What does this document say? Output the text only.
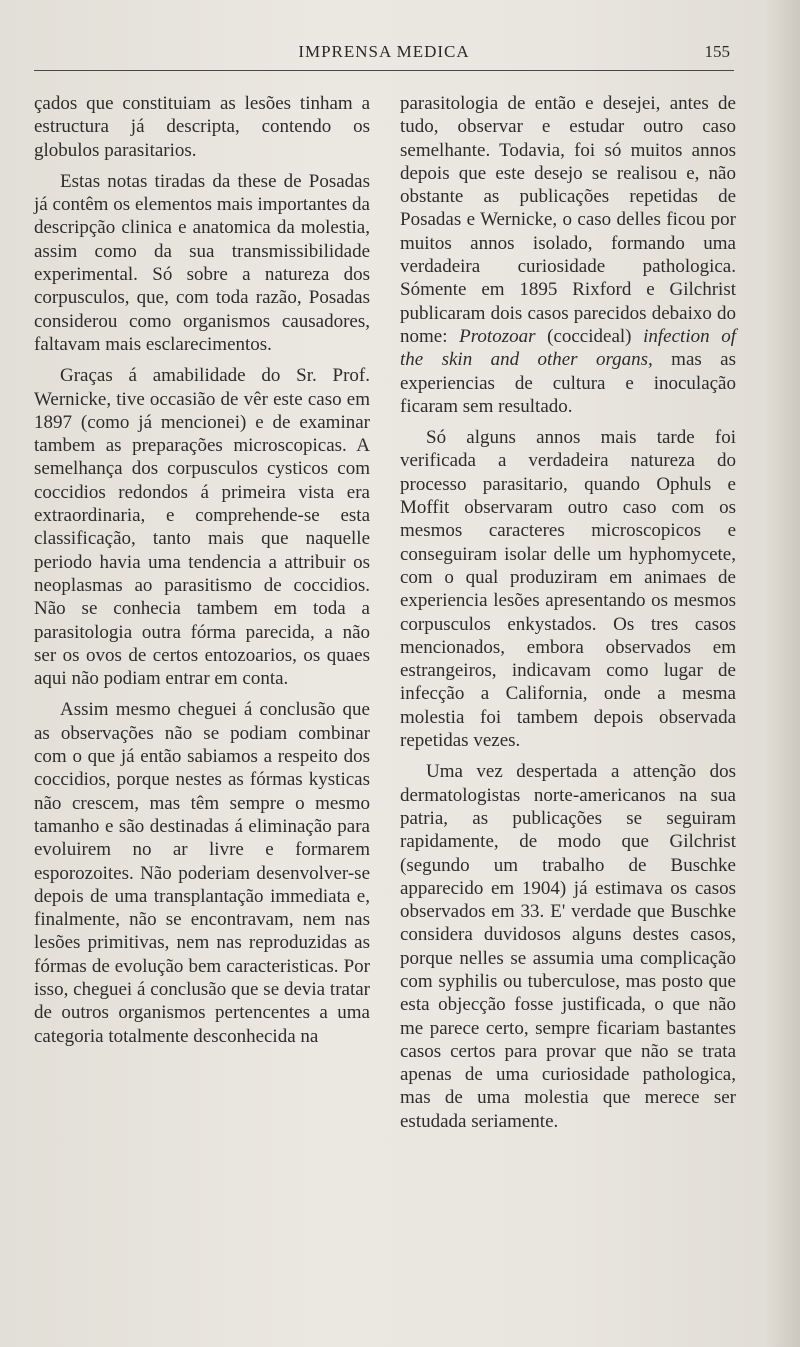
IMPRENSA MEDICA	155

çados que constituiam as lesões tinham a estructura já descripta, contendo os globulos parasitarios.

Estas notas tiradas da these de Posadas já contêm os elementos mais importantes da descripção clinica e anatomica da molestia, assim como da sua transmissibilidade experimental. Só sobre a natureza dos corpusculos, que, com toda razão, Posadas considerou como organismos causadores, faltavam mais esclarecimentos.

Graças á amabilidade do Sr. Prof. Wernicke, tive occasião de vêr este caso em 1897 (como já mencionei) e de examinar tambem as preparações microscopicas. A semelhança dos corpusculos cysticos com coccidios redondos á primeira vista era extraordinaria, e comprehende-se esta classificação, tanto mais que naquelle periodo havia uma tendencia a attribuir os neoplasmas ao parasitismo de coccidios. Não se conhecia tambem em toda a parasitologia outra fórma parecida, a não ser os ovos de certos entozoarios, os quaes aqui não podiam entrar em conta.

Assim mesmo cheguei á conclusão que as observações não se podiam combinar com o que já então sabiamos a respeito dos coccidios, porque nestes as fórmas kysticas não crescem, mas têm sempre o mesmo tamanho e são destinadas á eliminação para evoluirem no ar livre e formarem esporozoites. Não poderiam desenvolver-se depois de uma transplantação immediata e, finalmente, não se encontravam, nem nas lesões primitivas, nem nas reproduzidas as fórmas de evolução bem caracteristicas. Por isso, cheguei á conclusão que se devia tratar de outros organismos pertencentes a uma categoria totalmente desconhecida na

parasitologia de então e desejei, antes de tudo, observar e estudar outro caso semelhante. Todavia, foi só muitos annos depois que este desejo se realisou e, não obstante as publicações repetidas de Posadas e Wernicke, o caso delles ficou por muitos annos isolado, formando uma verdadeira curiosidade pathologica. Sómente em 1895 Rixford e Gilchrist publicaram dois casos parecidos debaixo do nome: Protozoar (coccideal) infection of the skin and other organs, mas as experiencias de cultura e inoculação ficaram sem resultado.

Só alguns annos mais tarde foi verificada a verdadeira natureza do processo parasitario, quando Ophuls e Moffit observaram outro caso com os mesmos caracteres microscopicos e conseguiram isolar delle um hyphomycete, com o qual produziram em animaes de experiencia lesões apresentando os mesmos corpusculos enkystados. Os tres casos mencionados, embora observados em estrangeiros, indicavam como lugar de infecção a California, onde a mesma molestia foi tambem depois observada repetidas vezes.

Uma vez despertada a attenção dos dermatologistas norte-americanos na sua patria, as publicações se seguiram rapidamente, de modo que Gilchrist (segundo um trabalho de Buschke apparecido em 1904) já estimava os casos observados em 33. E' verdade que Buschke considera duvidosos alguns destes casos, porque nelles se assumia uma complicação com syphilis ou tuberculose, mas posto que esta objecção fosse justificada, o que não me parece certo, sempre ficariam bastantes casos certos para provar que não se trata apenas de uma curiosidade pathologica, mas de uma molestia que merece ser estudada seriamente.
